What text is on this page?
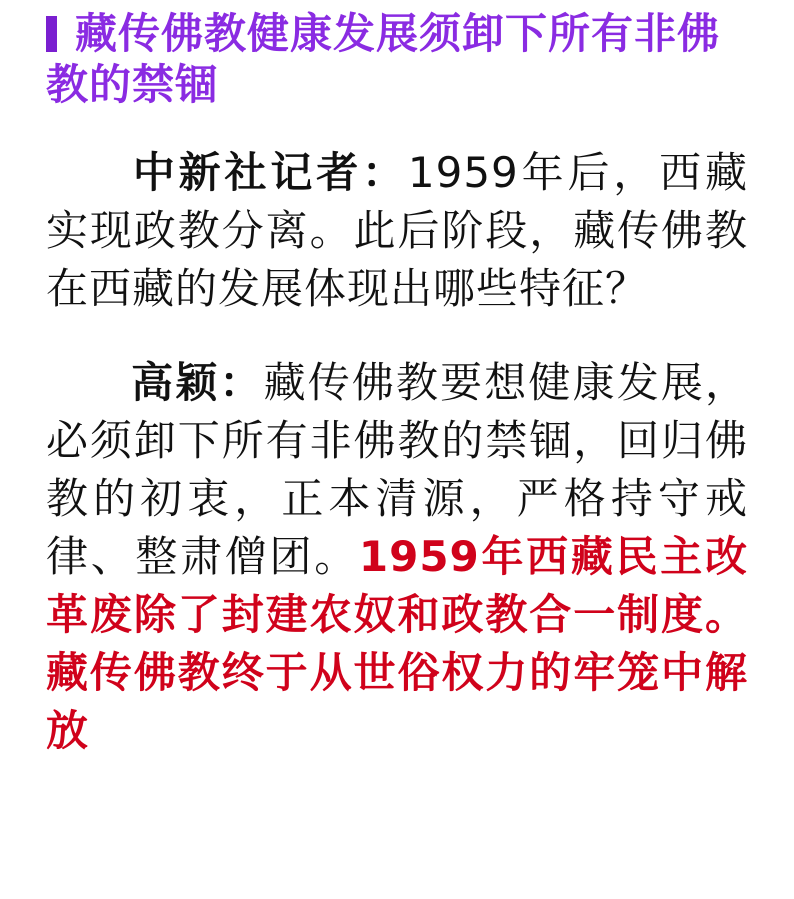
藏传佛教健康发展须卸下所有非佛教的禁锢

中新社记者：1959年后，西藏实现政教分离。此后阶段，藏传佛教在西藏的发展体现出哪些特征？

高颖：藏传佛教要想健康发展，必须卸下所有非佛教的禁锢，回归佛教的初衷，正本清源，严格持守戒律、整肃僧团。1959年西藏民主改革废除了封建农奴和政教合一制度。藏传佛教终于从世俗权力的牢笼中解放
